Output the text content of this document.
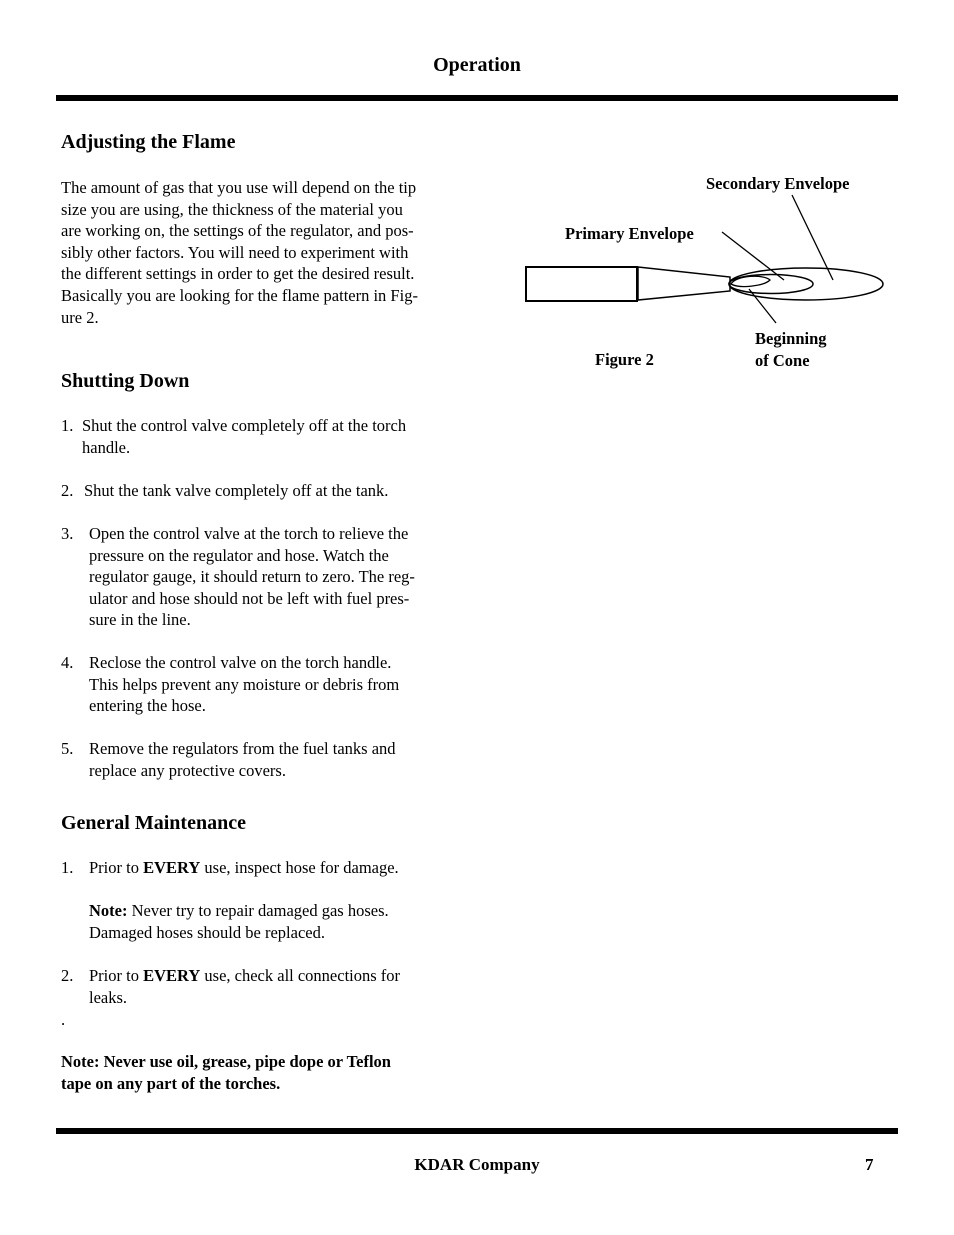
Operation
Adjusting the Flame
The amount of gas that you use will depend on the tip
size you are using, the thickness of the material you
are working on, the settings of the regulator, and pos-
sibly other factors. You will need to experiment with
the different settings in order to get the desired result.
Basically you are looking for the flame pattern in Fig-
ure 2.
Secondary Envelope
Primary Envelope
Beginning
of Cone
Figure 2
Shutting Down
1. Shut the control valve completely off at the torch
handle.
2. Shut the tank valve completely off at the tank.
3. Open the control valve at the torch to relieve the
pressure on the regulator and hose. Watch the
regulator gauge, it should return to zero. The reg-
ulator and hose should not be left with fuel pres-
sure in the line.
4. Reclose the control valve on the torch handle.
This helps prevent any moisture or debris from
entering the hose.
5. Remove the regulators from the fuel tanks and
replace any protective covers.
General Maintenance
1. Prior to EVERY use, inspect hose for damage.
Note: Never try to repair damaged gas hoses.
Damaged hoses should be replaced.
2. Prior to EVERY use, check all connections for
leaks.
.
Note: Never use oil, grease, pipe dope or Teflon
tape on any part of the torches.
KDAR Company	7
